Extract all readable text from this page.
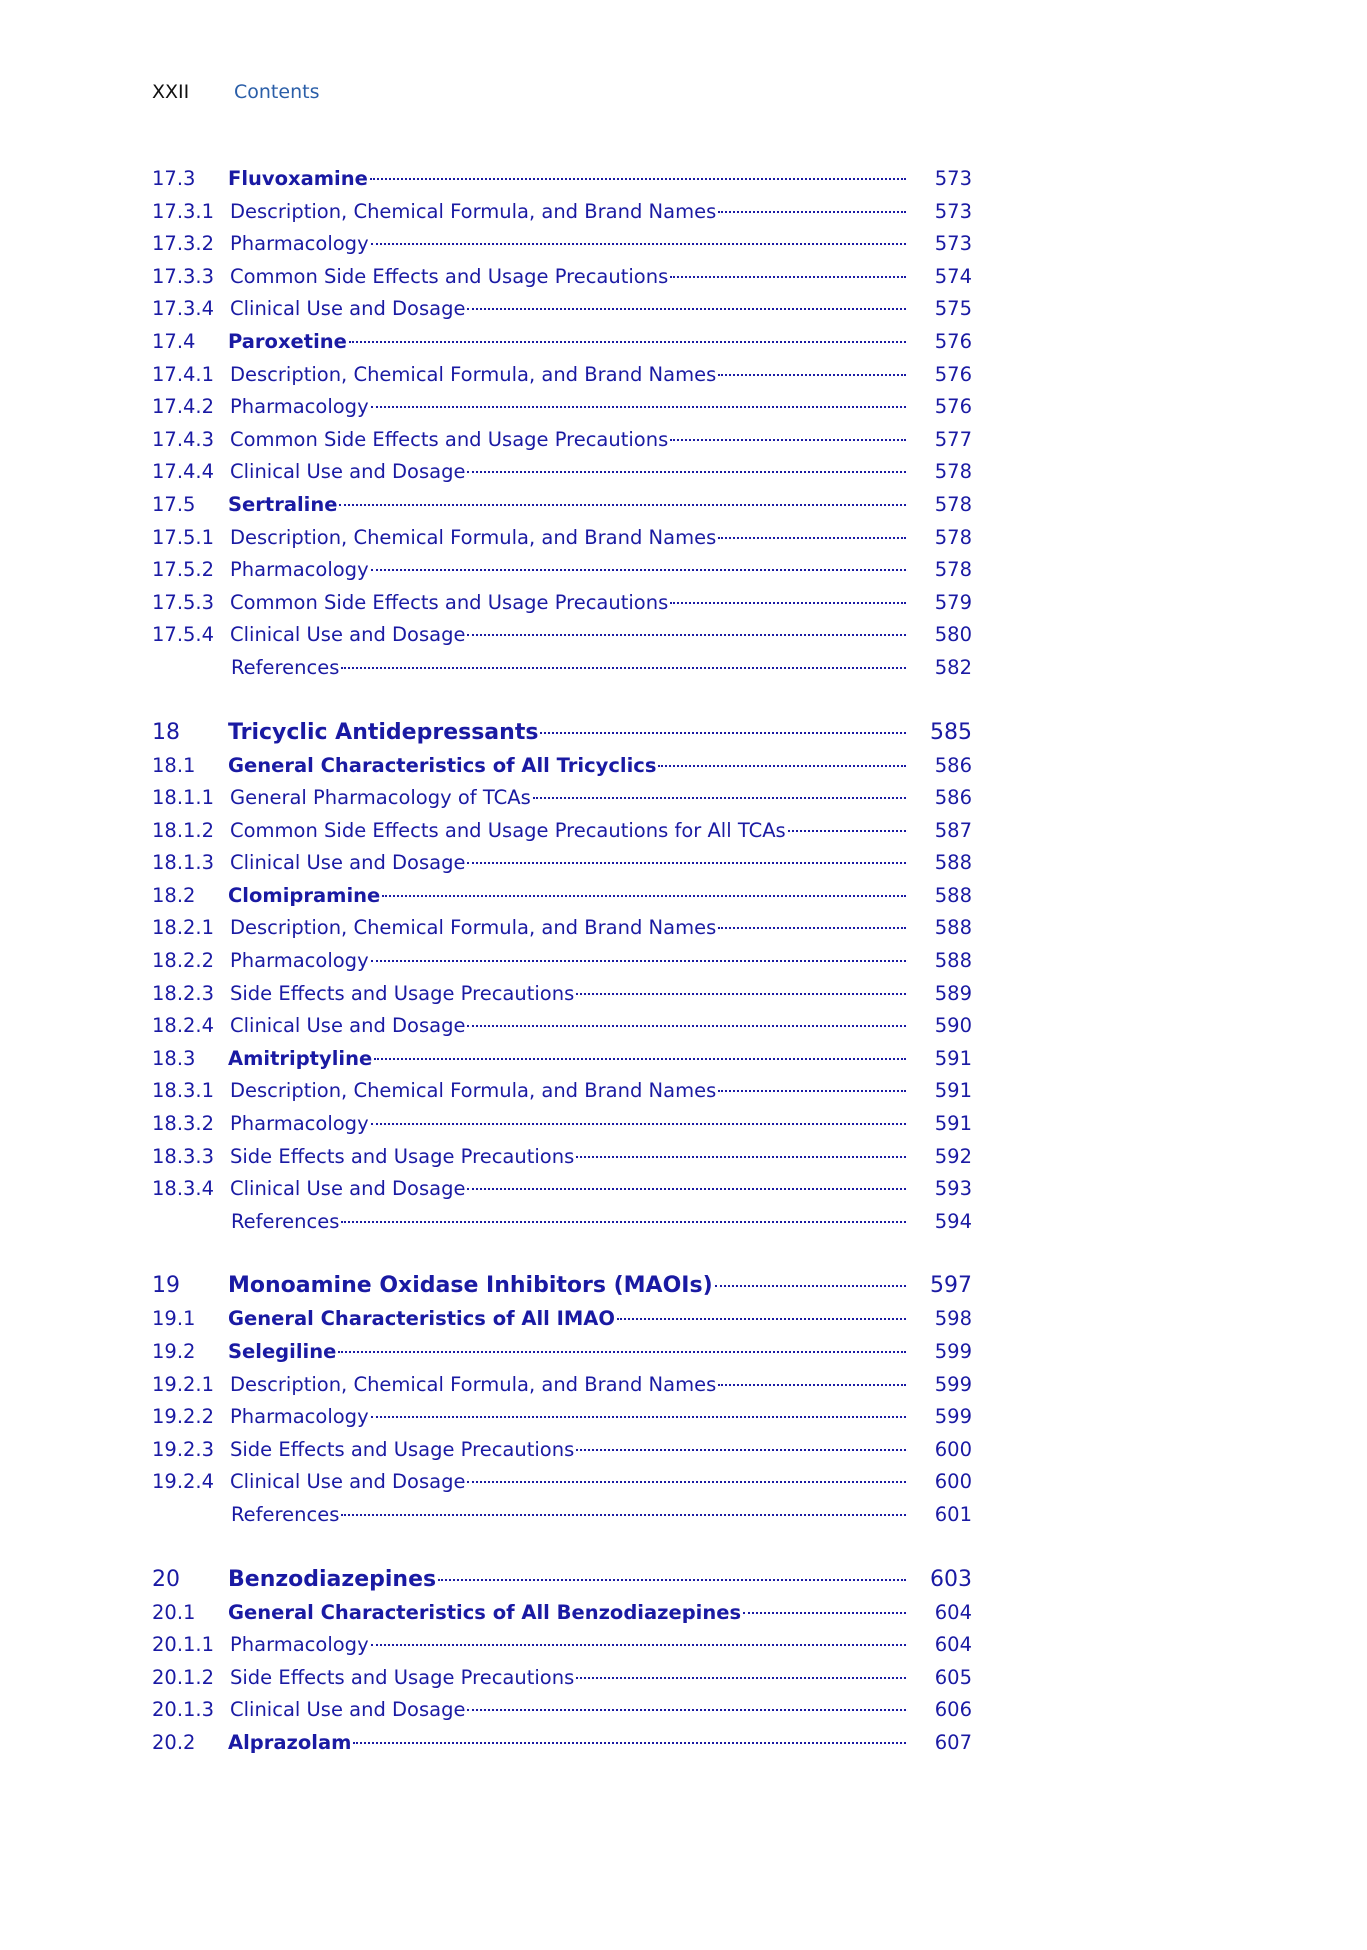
XXII	Contents
17.3	Fluvoxamine	573
17.3.1 Description, Chemical Formula, and Brand Names	573
17.3.2 Pharmacology	573
17.3.3 Common Side Effects and Usage Precautions	574
17.3.4 Clinical Use and Dosage	575
17.4	Paroxetine	576
17.4.1 Description, Chemical Formula, and Brand Names	576
17.4.2 Pharmacology	576
17.4.3 Common Side Effects and Usage Precautions	577
17.4.4 Clinical Use and Dosage	578
17.5	Sertraline	578
17.5.1 Description, Chemical Formula, and Brand Names	578
17.5.2 Pharmacology	578
17.5.3 Common Side Effects and Usage Precautions	579
17.5.4 Clinical Use and Dosage	580
References	582
18	Tricyclic Antidepressants	585
18.1	General Characteristics of All Tricyclics	586
18.1.1 General Pharmacology of TCAs	586
18.1.2 Common Side Effects and Usage Precautions for All TCAs	587
18.1.3 Clinical Use and Dosage	588
18.2	Clomipramine	588
18.2.1 Description, Chemical Formula, and Brand Names	588
18.2.2 Pharmacology	588
18.2.3 Side Effects and Usage Precautions	589
18.2.4 Clinical Use and Dosage	590
18.3	Amitriptyline	591
18.3.1 Description, Chemical Formula, and Brand Names	591
18.3.2 Pharmacology	591
18.3.3 Side Effects and Usage Precautions	592
18.3.4 Clinical Use and Dosage	593
References	594
19	Monoamine Oxidase Inhibitors (MAOIs)	597
19.1	General Characteristics of All IMAO	598
19.2	Selegiline	599
19.2.1 Description, Chemical Formula, and Brand Names	599
19.2.2 Pharmacology	599
19.2.3 Side Effects and Usage Precautions	600
19.2.4 Clinical Use and Dosage	600
References	601
20	Benzodiazepines	603
20.1	General Characteristics of All Benzodiazepines	604
20.1.1 Pharmacology	604
20.1.2 Side Effects and Usage Precautions	605
20.1.3 Clinical Use and Dosage	606
20.2	Alprazolam	607
